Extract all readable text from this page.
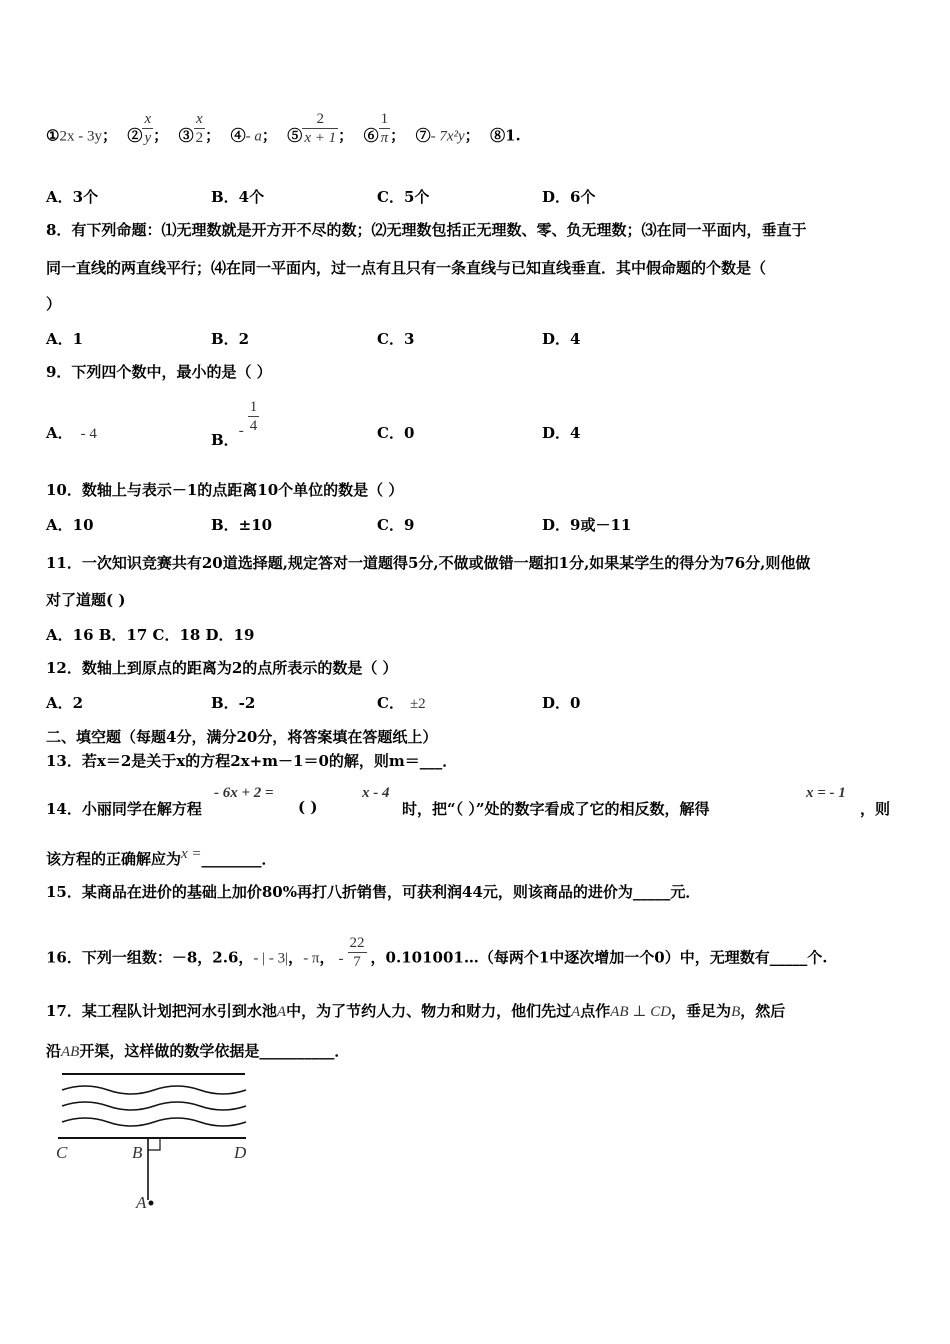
①2x - 3y； ② $\frac{x}{y}$ ； ③ $\frac{x}{2}$ ； ④- a； ⑤ $\frac{2}{x + 1}$ ； ⑥ $\frac{1}{\pi}$ ； ⑦- 7x²y； ⑧1.
A．3个	B．4个	C．5个	D．6个
8．有下列命题：⑴无理数就是开方开不尽的数；⑵无理数包括正无理数、零、负无理数；⑶在同一平面内，垂直于
同一直线的两直线平行；⑷在同一平面内，过一点有且只有一条直线与已知直线垂直．其中假命题的个数是（
）
A．1	B．2	C．3	D．4
9．下列四个数中，最小的是（ ）
A． - 4	B．- $\frac{1}{4}$	C．0	D．4
10．数轴上与表示－1的点距离10个单位的数是（ ）
A．10	B．±10	C．9	D．9或－11
11．一次知识竞赛共有20道选择题,规定答对一道题得5分,不做或做错一题扣1分,如果某学生的得分为76分,则他做
对了道题( )
A．16 B．17 C．18 D．19
12．数轴上到原点的距离为2的点所表示的数是（ ）
A．2	B．-2	C． ±2	D．0
二、填空题（每题4分，满分20分，将答案填在答题纸上）
13．若x＝2是关于x的方程2x+m－1＝0的解，则m＝___．
14．小丽同学在解方程
- 6x + 2 =
( )
x - 4
时，把“（ ）”处的数字看成了它的相反数，解得
x = - 1
，则
该方程的正确解应为x =________．
15．某商品在进价的基础上加价80%再打八折销售，可获利润44元，则该商品的进价为_____元．
16．下列一组数：－8，2.6，- | - 3|，- π， - $\frac{22}{7}$ ，0.101001…（每两个1中逐次增加一个0）中，无理数有_____个.
17．某工程队计划把河水引到水池A中，为了节约人力、物力和财力，他们先过A点作AB ⊥ CD，垂足为B，然后
沿AB开渠，这样做的数学依据是__________．
C	B	D
A
